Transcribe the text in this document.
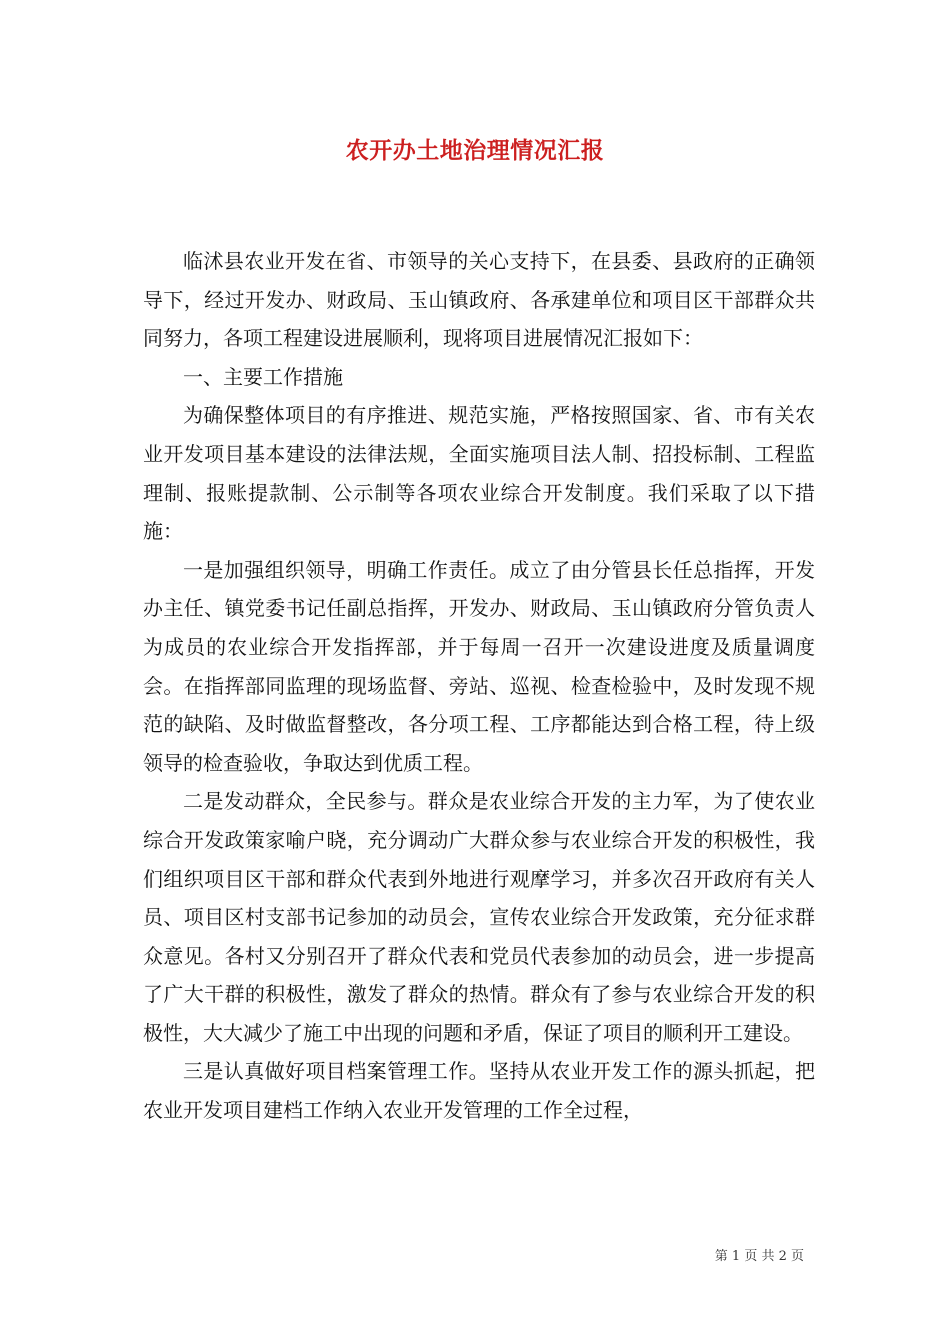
农开办土地治理情况汇报

临沭县农业开发在省、市领导的关心支持下，在县委、县政府的正确领导下，经过开发办、财政局、玉山镇政府、各承建单位和项目区干部群众共同努力，各项工程建设进展顺利，现将项目进展情况汇报如下：

一、主要工作措施

为确保整体项目的有序推进、规范实施，严格按照国家、省、市有关农业开发项目基本建设的法律法规，全面实施项目法人制、招投标制、工程监理制、报账提款制、公示制等各项农业综合开发制度。我们采取了以下措施：

一是加强组织领导，明确工作责任。成立了由分管县长任总指挥，开发办主任、镇党委书记任副总指挥，开发办、财政局、玉山镇政府分管负责人为成员的农业综合开发指挥部，并于每周一召开一次建设进度及质量调度会。在指挥部同监理的现场监督、旁站、巡视、检查检验中，及时发现不规范的缺陷、及时做监督整改，各分项工程、工序都能达到合格工程，待上级领导的检查验收，争取达到优质工程。

二是发动群众，全民参与。群众是农业综合开发的主力军，为了使农业综合开发政策家喻户晓，充分调动广大群众参与农业综合开发的积极性，我们组织项目区干部和群众代表到外地进行观摩学习，并多次召开政府有关人员、项目区村支部书记参加的动员会，宣传农业综合开发政策，充分征求群众意见。各村又分别召开了群众代表和党员代表参加的动员会，进一步提高了广大干群的积极性，激发了群众的热情。群众有了参与农业综合开发的积极性，大大减少了施工中出现的问题和矛盾，保证了项目的顺利开工建设。

三是认真做好项目档案管理工作。坚持从农业开发工作的源头抓起，把农业开发项目建档工作纳入农业开发管理的工作全过程，

第 1 页 共 2 页
